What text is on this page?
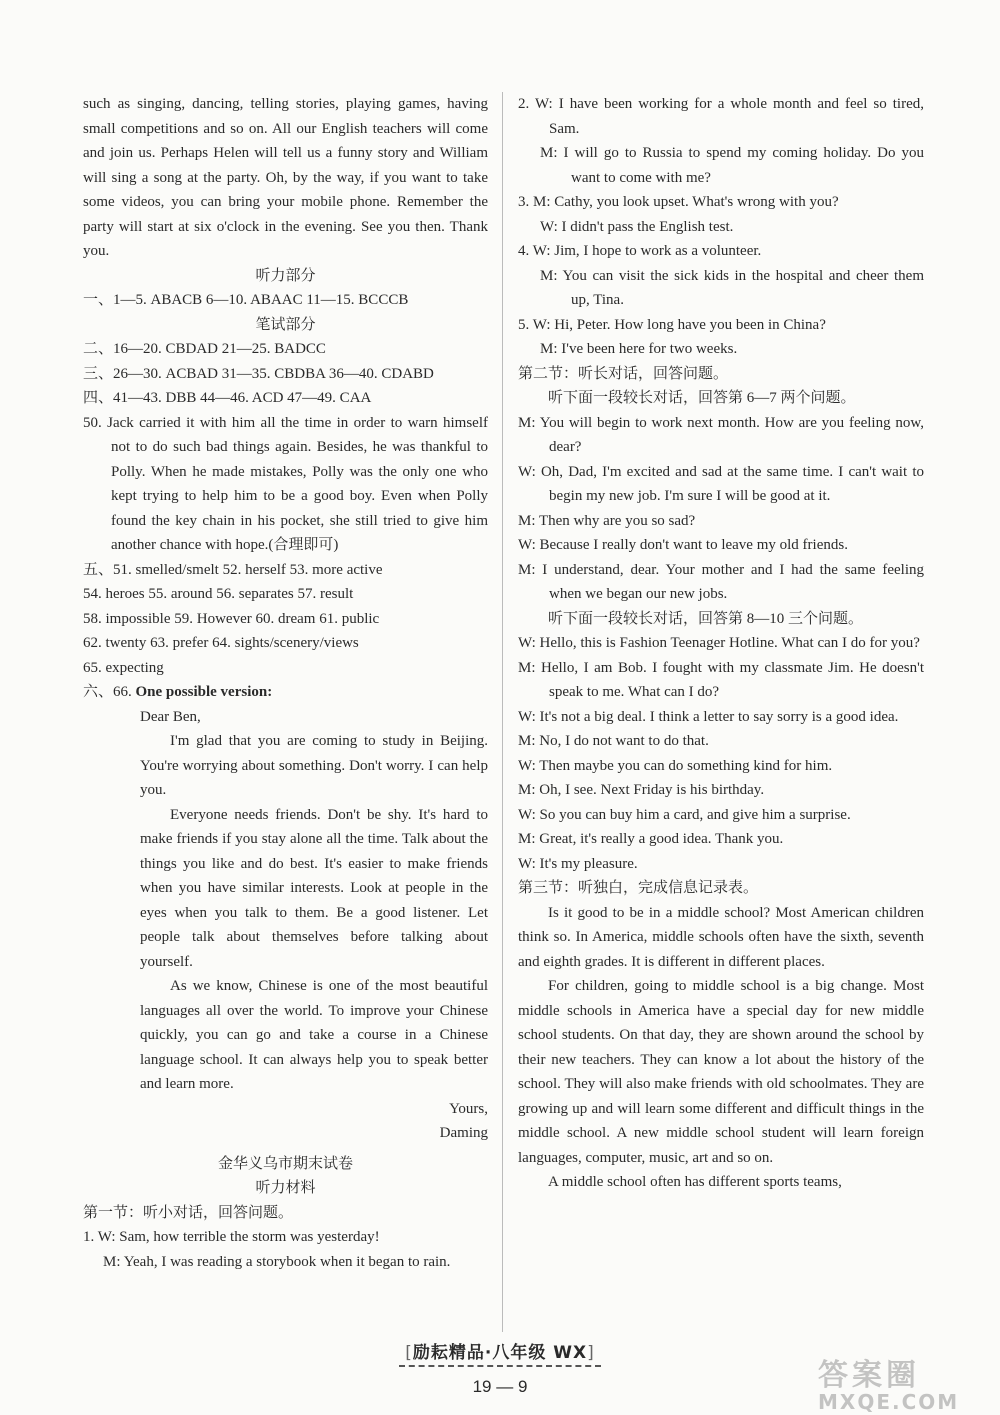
such as singing, dancing, telling stories, playing games, having small competitions and so on. All our English teachers will come and join us. Perhaps Helen will tell us a funny story and William will sing a song at the party. Oh, by the way, if you want to take some videos, you can bring your mobile phone. Remember the party will start at six o'clock in the evening. See you then. Thank you.
听力部分
一、1—5. ABACB 6—10. ABAAC 11—15. BCCCB
笔试部分
二、16—20. CBDAD 21—25. BADCC
三、26—30. ACBAD 31—35. CBDBA 36—40. CDABD
四、41—43. DBB 44—46. ACD 47—49. CAA
50. Jack carried it with him all the time in order to warn himself not to do such bad things again. Besides, he was thankful to Polly. When he made mistakes, Polly was the only one who kept trying to help him to be a good boy. Even when Polly found the key chain in his pocket, she still tried to give him another chance with hope.(合理即可)
五、51. smelled/smelt 52. herself 53. more active
54. heroes 55. around 56. separates 57. result
58. impossible 59. However 60. dream 61. public
62. twenty 63. prefer 64. sights/scenery/views
65. expecting
六、66. One possible version:
Dear Ben,
I'm glad that you are coming to study in Beijing. You're worrying about something. Don't worry. I can help you.
Everyone needs friends. Don't be shy. It's hard to make friends if you stay alone all the time. Talk about the things you like and do best. It's easier to make friends when you have similar interests. Look at people in the eyes when you talk to them. Be a good listener. Let people talk about themselves before talking about yourself.
As we know, Chinese is one of the most beautiful languages all over the world. To improve your Chinese quickly, you can go and take a course in a Chinese language school. It can always help you to speak better and learn more.
Yours,
Daming
金华义乌市期末试卷
听力材料
第一节：听小对话，回答问题。
1. W: Sam, how terrible the storm was yesterday!
M: Yeah, I was reading a storybook when it began to rain.
2. W: I have been working for a whole month and feel so tired, Sam.
M: I will go to Russia to spend my coming holiday. Do you want to come with me?
3. M: Cathy, you look upset. What's wrong with you?
W: I didn't pass the English test.
4. W: Jim, I hope to work as a volunteer.
M: You can visit the sick kids in the hospital and cheer them up, Tina.
5. W: Hi, Peter. How long have you been in China?
M: I've been here for two weeks.
第二节：听长对话，回答问题。
听下面一段较长对话，回答第 6—7 两个问题。
M: You will begin to work next month. How are you feeling now, dear?
W: Oh, Dad, I'm excited and sad at the same time. I can't wait to begin my new job. I'm sure I will be good at it.
M: Then why are you so sad?
W: Because I really don't want to leave my old friends.
M: I understand, dear. Your mother and I had the same feeling when we began our new jobs.
听下面一段较长对话，回答第 8—10 三个问题。
W: Hello, this is Fashion Teenager Hotline. What can I do for you?
M: Hello, I am Bob. I fought with my classmate Jim. He doesn't speak to me. What can I do?
W: It's not a big deal. I think a letter to say sorry is a good idea.
M: No, I do not want to do that.
W: Then maybe you can do something kind for him.
M: Oh, I see. Next Friday is his birthday.
W: So you can buy him a card, and give him a surprise.
M: Great, it's really a good idea. Thank you.
W: It's my pleasure.
第三节：听独白，完成信息记录表。
Is it good to be in a middle school? Most American children think so. In America, middle schools often have the sixth, seventh and eighth grades. It is different in different places.
For children, going to middle school is a big change. Most middle schools in America have a special day for new middle school students. On that day, they are shown around the school by their new teachers. They can know a lot about the history of the school. They will also make friends with old schoolmates. They are growing up and will learn some different and difficult things in the middle school. A new middle school student will learn foreign languages, computer, music, art and so on.
A middle school often has different sports teams,
[励耘精品·八年级 WX]
19 — 9	答案圈
MXQE.COM
